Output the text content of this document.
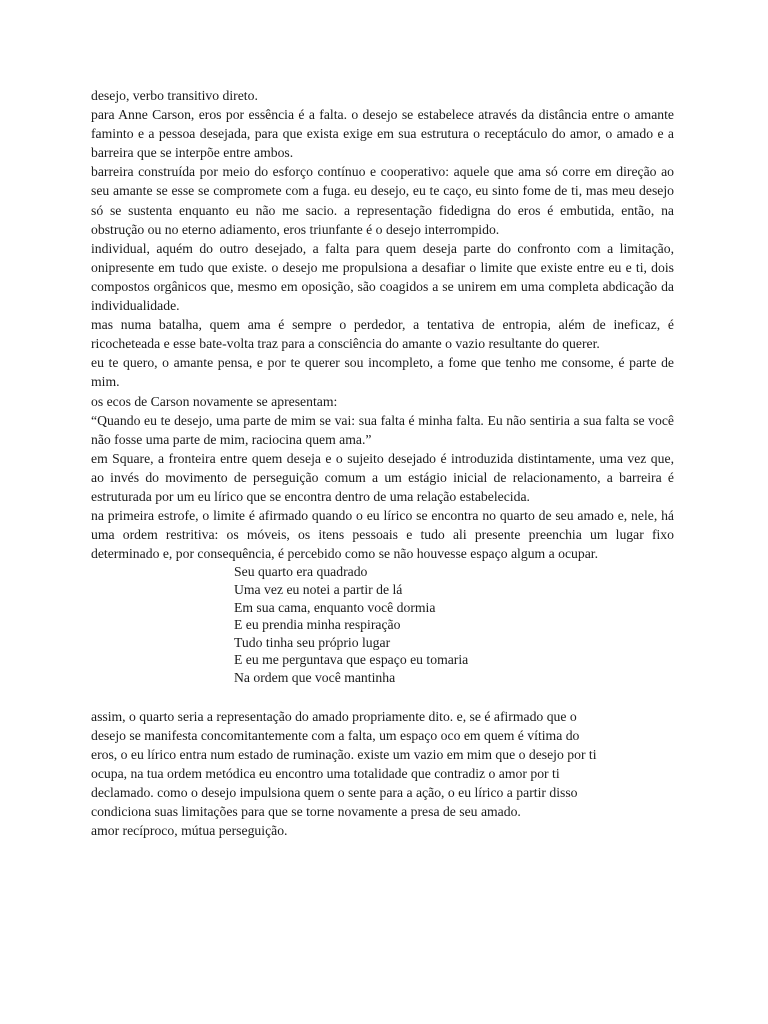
desejo, verbo transitivo direto.

para Anne Carson, eros por essência é a falta. o desejo se estabelece através da distância entre o amante faminto e a pessoa desejada, para que exista exige em sua estrutura o receptáculo do amor, o amado e a barreira que se interpõe entre ambos.

barreira construída por meio do esforço contínuo e cooperativo: aquele que ama só corre em direção ao seu amante se esse se compromete com a fuga. eu desejo, eu te caço, eu sinto fome de ti, mas meu desejo só se sustenta enquanto eu não me sacio. a representação fidedigna do eros é embutida, então, na obstrução ou no eterno adiamento, eros triunfante é o desejo interrompido.

individual, aquém do outro desejado, a falta para quem deseja parte do confronto com a limitação, onipresente em tudo que existe. o desejo me propulsiona a desafiar o limite que existe entre eu e ti, dois compostos orgânicos que, mesmo em oposição, são coagidos a se unirem em uma completa abdicação da individualidade.

mas numa batalha, quem ama é sempre o perdedor, a tentativa de entropia, além de ineficaz, é ricocheteada e esse bate-volta traz para a consciência do amante o vazio resultante do querer.

eu te quero, o amante pensa, e por te querer sou incompleto, a fome que tenho me consome, é parte de mim.

os ecos de Carson novamente se apresentam:

“Quando eu te desejo, uma parte de mim se vai: sua falta é minha falta. Eu não sentiria a sua falta se você não fosse uma parte de mim, raciocina quem ama.”

em Square, a fronteira entre quem deseja e o sujeito desejado é introduzida distintamente, uma vez que, ao invés do movimento de perseguição comum a um estágio inicial de relacionamento, a barreira é estruturada por um eu lírico que se encontra dentro de uma relação estabelecida.

na primeira estrofe, o limite é afirmado quando o eu lírico se encontra no quarto de seu amado e, nele, há uma ordem restritiva: os móveis, os itens pessoais e tudo ali presente preenchia um lugar fixo determinado e, por consequência, é percebido como se não houvesse espaço algum a ocupar.

Seu quarto era quadrado
Uma vez eu notei a partir de lá
Em sua cama, enquanto você dormia
E eu prendia minha respiração
Tudo tinha seu próprio lugar
E eu me perguntava que espaço eu tomaria
Na ordem que você mantinha

assim, o quarto seria a representação do amado propriamente dito. e, se é afirmado que o

desejo se manifesta concomitantemente com a falta, um espaço oco em quem é vítima do

eros, o eu lírico entra num estado de ruminação. existe um vazio em mim que o desejo por ti

ocupa, na tua ordem metódica eu encontro uma totalidade que contradiz o amor por ti

declamado. como o desejo impulsiona quem o sente para a ação, o eu lírico a partir disso

condiciona suas limitações para que se torne novamente a presa de seu amado.

amor recíproco, mútua perseguição.
